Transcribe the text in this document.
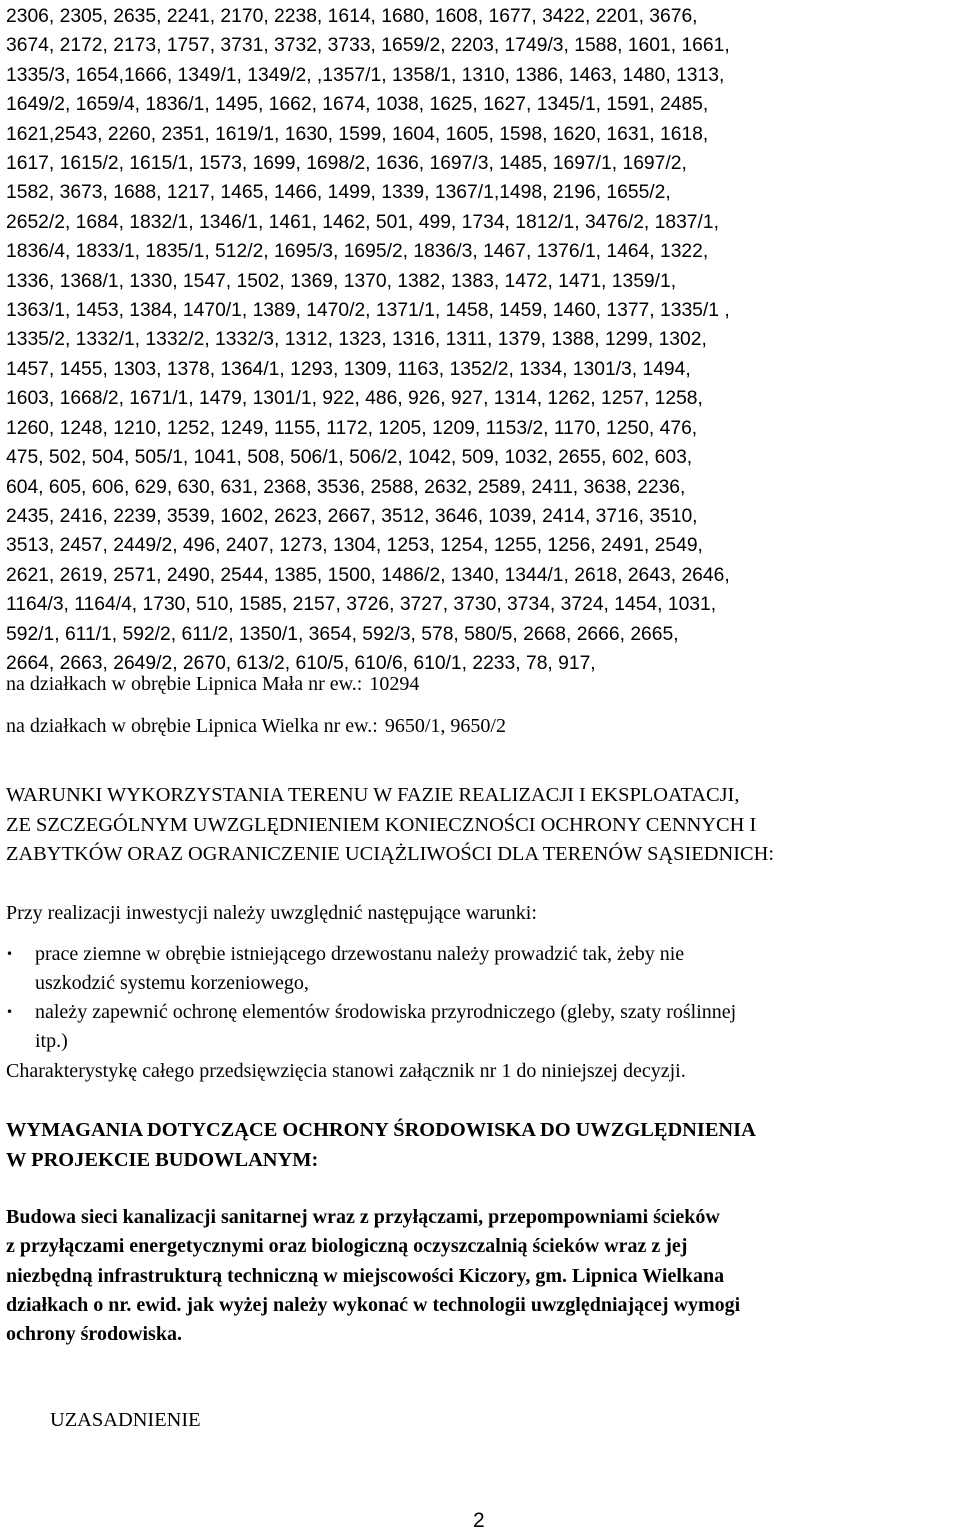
2306, 2305, 2635, 2241, 2170, 2238, 1614, 1680, 1608, 1677, 3422, 2201, 3676,
3674, 2172, 2173, 1757, 3731, 3732, 3733, 1659/2, 2203, 1749/3, 1588, 1601, 1661,
1335/3, 1654,1666, 1349/1, 1349/2, ,1357/1, 1358/1, 1310, 1386, 1463, 1480, 1313,
1649/2, 1659/4, 1836/1, 1495, 1662, 1674, 1038, 1625, 1627, 1345/1, 1591, 2485,
1621,2543, 2260, 2351, 1619/1, 1630, 1599, 1604, 1605, 1598, 1620, 1631, 1618,
1617, 1615/2, 1615/1, 1573, 1699, 1698/2, 1636, 1697/3, 1485, 1697/1, 1697/2,
1582, 3673, 1688, 1217, 1465, 1466, 1499, 1339, 1367/1,1498, 2196, 1655/2,
2652/2, 1684, 1832/1, 1346/1, 1461, 1462, 501, 499, 1734, 1812/1, 3476/2, 1837/1,
1836/4, 1833/1, 1835/1, 512/2, 1695/3, 1695/2, 1836/3, 1467, 1376/1, 1464, 1322,
1336, 1368/1, 1330, 1547, 1502, 1369, 1370, 1382, 1383, 1472, 1471, 1359/1,
1363/1, 1453, 1384, 1470/1, 1389, 1470/2, 1371/1, 1458, 1459, 1460, 1377, 1335/1 ,
1335/2, 1332/1, 1332/2, 1332/3, 1312, 1323, 1316, 1311, 1379, 1388, 1299, 1302,
1457, 1455, 1303, 1378, 1364/1, 1293, 1309, 1163, 1352/2, 1334, 1301/3, 1494,
1603, 1668/2, 1671/1, 1479, 1301/1, 922, 486, 926, 927, 1314, 1262, 1257, 1258,
1260, 1248, 1210, 1252, 1249, 1155, 1172, 1205, 1209, 1153/2, 1170, 1250, 476,
475, 502, 504, 505/1, 1041, 508, 506/1, 506/2, 1042, 509, 1032, 2655, 602, 603,
604, 605, 606, 629, 630, 631, 2368, 3536, 2588, 2632, 2589, 2411, 3638, 2236,
2435, 2416, 2239, 3539, 1602, 2623, 2667, 3512, 3646, 1039, 2414, 3716, 3510,
3513, 2457, 2449/2, 496, 2407, 1273, 1304, 1253, 1254, 1255, 1256, 2491, 2549,
2621, 2619, 2571, 2490, 2544, 1385, 1500, 1486/2, 1340, 1344/1, 2618, 2643, 2646,
1164/3, 1164/4, 1730, 510, 1585, 2157, 3726, 3727, 3730, 3734, 3724, 1454, 1031,
592/1, 611/1, 592/2, 611/2, 1350/1, 3654, 592/3, 578, 580/5, 2668, 2666, 2665,
2664, 2663, 2649/2, 2670, 613/2, 610/5, 610/6, 610/1, 2233, 78, 917,
na działkach w obrębie Lipnica Mała nr ew.: 10294
na działkach w obrębie Lipnica Wielka nr ew.: 9650/1, 9650/2
WARUNKI WYKORZYSTANIA TERENU W FAZIE REALIZACJI I EKSPLOATACJI,
ZE SZCZEGÓLNYM UWZGLĘDNIENIEM KONIECZNOŚCI OCHRONY CENNYCH I
ZABYTKÓW ORAZ OGRANICZENIE UCIĄŻLIWOŚCI DLA TERENÓW SĄSIEDNICH:
Przy realizacji inwestycji należy uwzględnić następujące warunki:
• prace ziemne w obrębie istniejącego drzewostanu należy prowadzić tak, żeby nie
uszkodzić systemu korzeniowego,
• należy zapewnić ochronę elementów środowiska przyrodniczego (gleby, szaty roślinnej
itp.)
Charakterystykę całego przedsięwzięcia stanowi załącznik nr 1 do niniejszej decyzji.
WYMAGANIA DOTYCZĄCE OCHRONY ŚRODOWISKA DO UWZGLĘDNIENIA
W PROJEKCIE BUDOWLANYM:
Budowa sieci kanalizacji sanitarnej wraz z przyłączami, przepompowniami ścieków
z przyłączami energetycznymi oraz biologiczną oczyszczalnią ścieków wraz z jej
niezbędną infrastrukturą techniczną w miejscowości Kiczory, gm. Lipnica Wielkana
działkach o nr. ewid. jak wyżej należy wykonać w technologii uwzględniającej wymogi
ochrony środowiska.
UZASADNIENIE
2
